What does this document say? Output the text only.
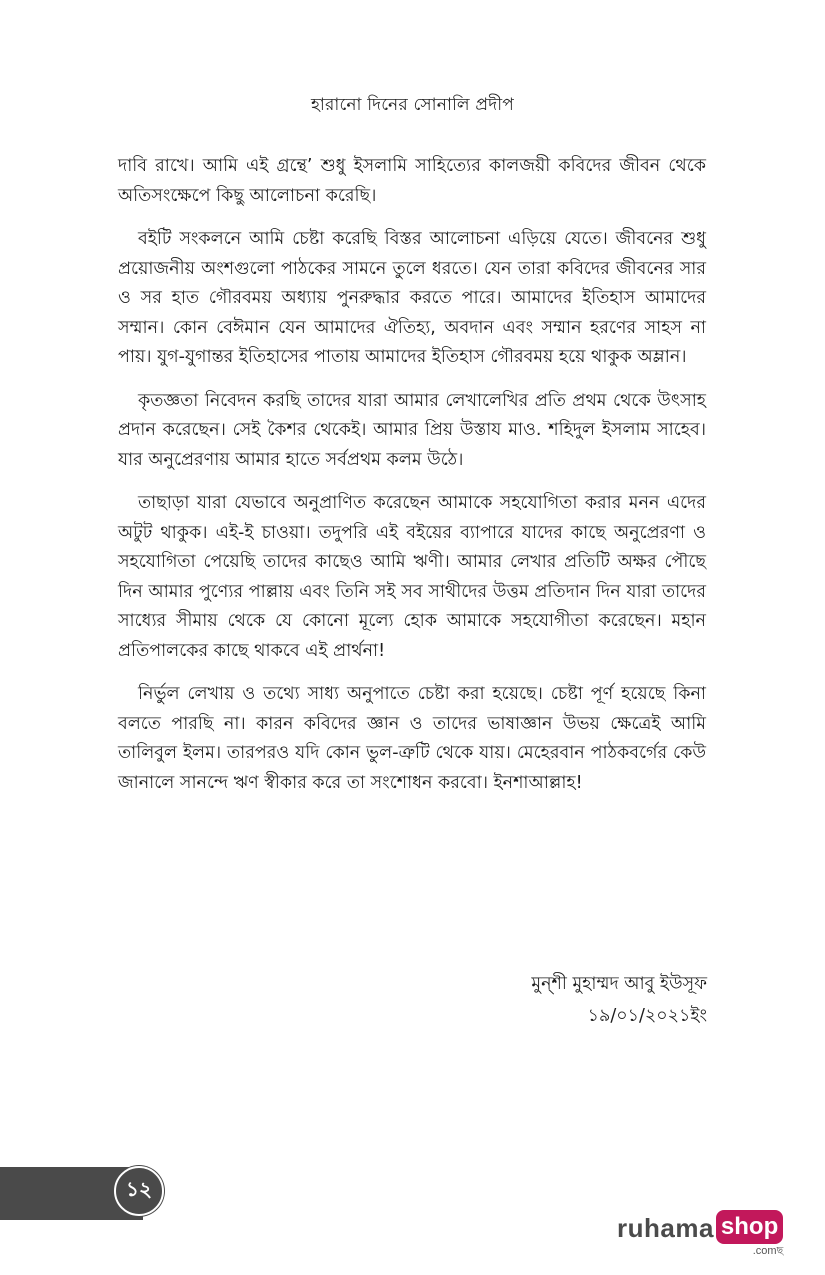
হারানো দিনের সোনালি প্রদীপ

দাবি রাখে। আমি এই গ্রন্থে’ শুধু ইসলামি সাহিত্যের কালজয়ী কবিদের জীবন থেকে অতিসংক্ষেপে কিছু আলোচনা করেছি।

বইটি সংকলনে আমি চেষ্টা করেছি বিস্তর আলোচনা এড়িয়ে যেতে। জীবনের শুধু প্রয়োজনীয় অংশগুলো পাঠকের সামনে তুলে ধরতে। যেন তারা কবিদের জীবনের সার ও সর হাত গৌরবময় অধ্যায় পুনরুদ্ধার করতে পারে। আমাদের ইতিহাস আমাদের সম্মান। কোন বেঈমান যেন আমাদের ঐতিহ্য, অবদান এবং সম্মান হরণের সাহস না পায়। যুগ-যুগান্তর ইতিহাসের পাতায় আমাদের ইতিহাস গৌরবময় হয়ে থাকুক অম্লান।

কৃতজ্ঞতা নিবেদন করছি তাদের যারা আমার লেখালেখির প্রতি প্রথম থেকে উৎসাহ প্রদান করেছেন। সেই কৈশর থেকেই। আমার প্রিয় উস্তায মাও. শহিদুল ইসলাম সাহেব। যার অনুপ্রেরণায় আমার হাতে সর্বপ্রথম কলম উঠে।

তাছাড়া যারা যেভাবে অনুপ্রাণিত করেছেন আমাকে সহযোগিতা করার মনন এদের অটুট থাকুক। এই-ই চাওয়া। তদুপরি এই বইয়ের ব্যাপারে যাদের কাছে অনুপ্রেরণা ও সহযোগিতা পেয়েছি তাদের কাছেও আমি ঋণী। আমার লেখার প্রতিটি অক্ষর পৌছে দিন আমার পুণ্যের পাল্লায় এবং তিনি সই সব সাথীদের উত্তম প্রতিদান দিন যারা তাদের সাধ্যের সীমায় থেকে যে কোনো মূল্যে হোক আমাকে সহযোগীতা করেছেন। মহান প্রতিপালকের কাছে থাকবে এই প্রার্থনা!

নির্ভুল লেখায় ও তথ্যে সাধ্য অনুপাতে চেষ্টা করা হয়েছে। চেষ্টা পূর্ণ হয়েছে কিনা বলতে পারছি না। কারন কবিদের জ্ঞান ও তাদের ভাষাজ্ঞান উভয় ক্ষেত্রেই আমি তালিবুল ইলম। তারপরও যদি কোন ভুল-ত্রুটি থেকে যায়। মেহেরবান পাঠকবর্গের কেউ জানালে সানন্দে ঋণ স্বীকার করে তা সংশোধন করবো। ইনশাআল্লাহ!

মুন্‌শী মুহাম্মদ আবু ইউসূফ
১৯/০১/২০২১ইং
১২
ruhama shop
.comছ
